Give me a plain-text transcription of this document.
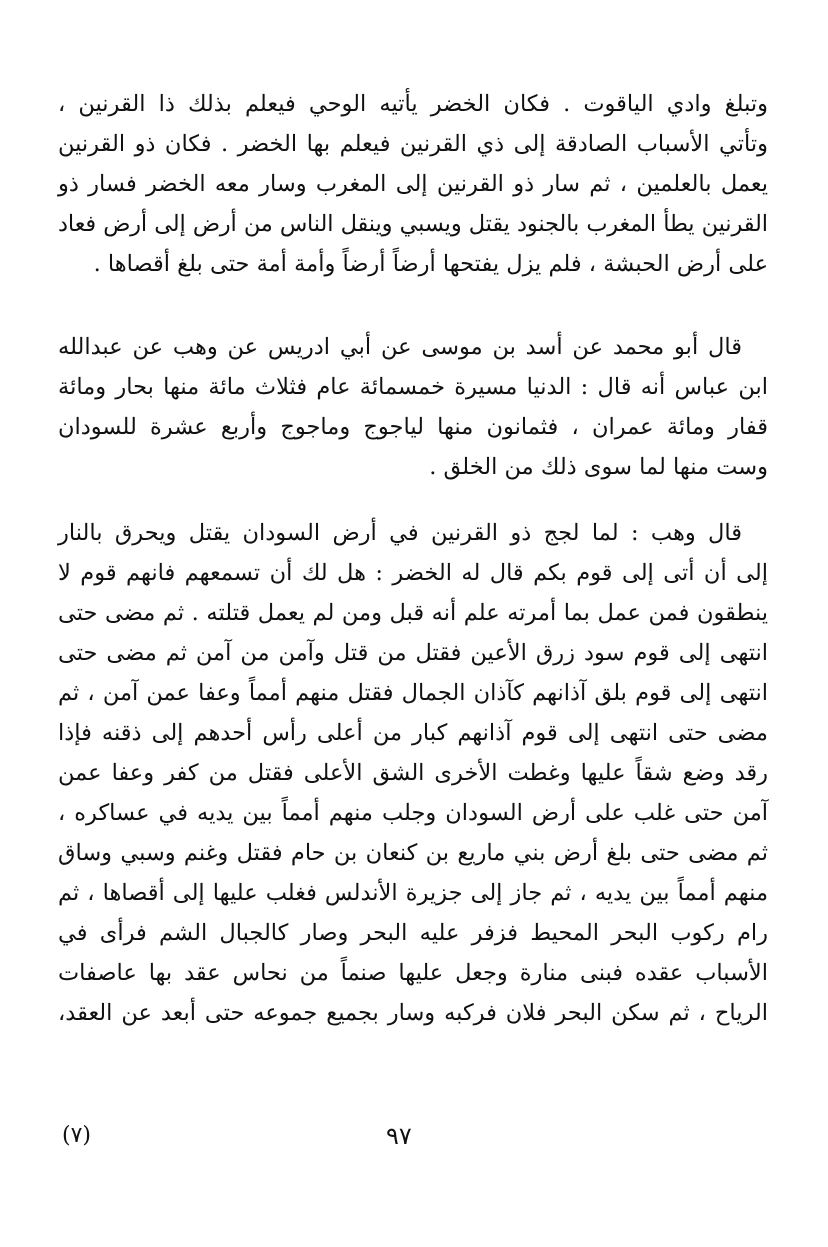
وتبلغ وادي الياقوت . فكان الخضر يأتيه الوحي فيعلم بذلك ذا القرنين ،
وتأتي الأسباب الصادقة إلى ذي القرنين فيعلم بها الخضر . فكان ذو القرنين
يعمل بالعلمين ، ثم سار ذو القرنين إلى المغرب وسار معه الخضر فسار ذو
القرنين يطأ المغرب بالجنود يقتل ويسبي وينقل الناس من أرض إلى أرض فعاد
على أرض الحبشة ، فلم يزل يفتحها أرضاً أرضاً وأمة أمة حتى بلغ أقصاها .
قال أبو محمد عن أسد بن موسى عن أبي ادريس عن وهب عن عبدالله
ابن عباس أنه قال : الدنيا مسيرة خمسمائة عام فثلاث مائة منها بحار ومائة
قفار ومائة عمران ، فثمانون منها لياجوج وماجوج وأربع عشرة للسودان
وست منها لما سوى ذلك من الخلق .
قال وهب : لما لجج ذو القرنين في أرض السودان يقتل ويحرق بالنار
إلى أن أتى إلى قوم بكم قال له الخضر : هل لك أن تسمعهم فانهم قوم لا
ينطقون فمن عمل بما أمرته علم أنه قبل ومن لم يعمل قتلته . ثم مضى حتى
انتهى إلى قوم سود زرق الأعين فقتل من قتل وآمن من آمن ثم مضى حتى
انتهى إلى قوم بلق آذانهم كآذان الجمال فقتل منهم أمماً وعفا عمن آمن ، ثم
مضى حتى انتهى إلى قوم آذانهم كبار من أعلى رأس أحدهم إلى ذقنه فإذا
رقد وضع شقاً عليها وغطت الأخرى الشق الأعلى فقتل من كفر وعفا عمن
آمن حتى غلب على أرض السودان وجلب منهم أمماً بين يديه في عساكره ،
ثم مضى حتى بلغ أرض بني ماريع بن كنعان بن حام فقتل وغنم وسبي وساق
منهم أمماً بين يديه ، ثم جاز إلى جزيرة الأندلس فغلب عليها إلى أقصاها ، ثم
رام ركوب البحر المحيط فزفر عليه البحر وصار كالجبال الشم فرأى في
الأسباب عقده فبنى منارة وجعل عليها صنماً من نحاس عقد بها عاصفات
الرياح ، ثم سكن البحر فلان فركبه وسار بجميع جموعه حتى أبعد عن العقد،
(٧)	٩٧
